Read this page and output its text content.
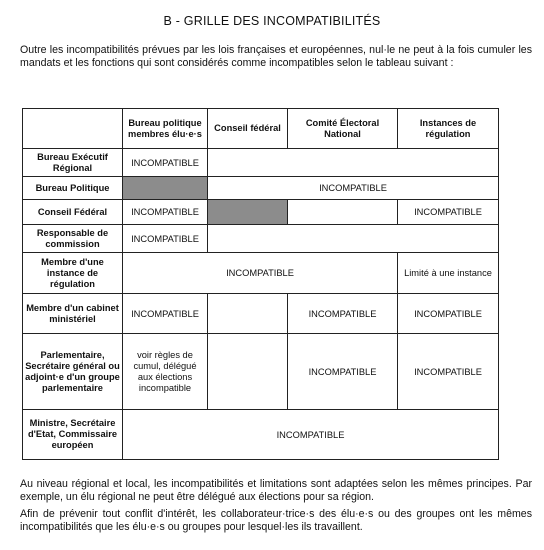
B - GRILLE DES INCOMPATIBILITÉS
Outre les incompatibilités prévues par les lois françaises et européennes, nul·le ne peut à la fois cumuler les mandats et les fonctions qui sont considérés comme incompatibles selon le tableau suivant :
	Bureau politique membres élu·e·s	Conseil fédéral	Comité Électoral National	Instances de régulation
Bureau Exécutif Régional	INCOMPATIBLE			
Bureau Politique		INCOMPATIBLE		
Conseil Fédéral	INCOMPATIBLE			INCOMPATIBLE
Responsable de commission	INCOMPATIBLE			
Membre d'une instance de régulation	INCOMPATIBLE			Limité à une instance
Membre d'un cabinet ministériel	INCOMPATIBLE		INCOMPATIBLE	INCOMPATIBLE
Parlementaire, Secrétaire général ou adjoint·e d'un groupe parlementaire	voir règles de cumul, délégué aux élections incompatible		INCOMPATIBLE	INCOMPATIBLE
Ministre, Secrétaire d'Etat, Commissaire européen	INCOMPATIBLE			
Au niveau régional et local, les incompatibilités et limitations sont adaptées selon les mêmes principes. Par exemple, un élu régional ne peut être délégué aux élections pour sa région.
Afin de prévenir tout conflit d'intérêt, les collaborateur·trice·s des élu·e·s ou des groupes ont les mêmes incompatibilités que les élu·e·s ou groupes pour lesquel·les ils travaillent.
